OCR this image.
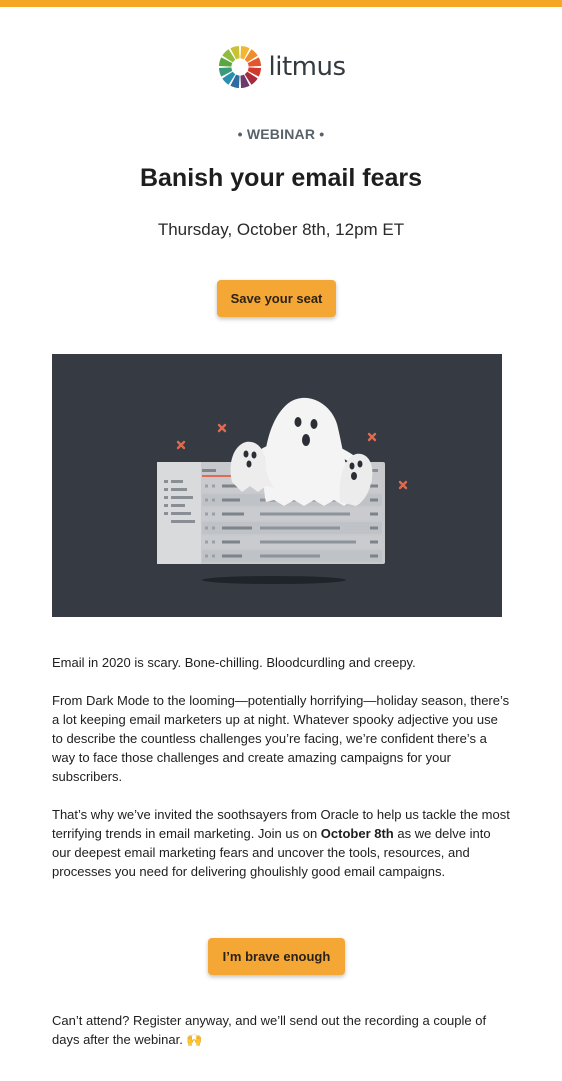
litmus
• WEBINAR •
Banish your email fears
Thursday, October 8th, 12pm ET
Save your seat

Email in 2020 is scary. Bone-chilling. Bloodcurdling and creepy.

From Dark Mode to the looming—potentially horrifying—holiday season, there’s a lot keeping email marketers up at night. Whatever spooky adjective you use to describe the countless challenges you’re facing, we’re confident there’s a way to face those challenges and create amazing campaigns for your subscribers.

That’s why we’ve invited the soothsayers from Oracle to help us tackle the most terrifying trends in email marketing. Join us on October 8th as we delve into our deepest email marketing fears and uncover the tools, resources, and processes you need for delivering ghoulishly good email campaigns.

I’m brave enough

Can’t attend? Register anyway, and we’ll send out the recording a couple of days after the webinar. 🙌
